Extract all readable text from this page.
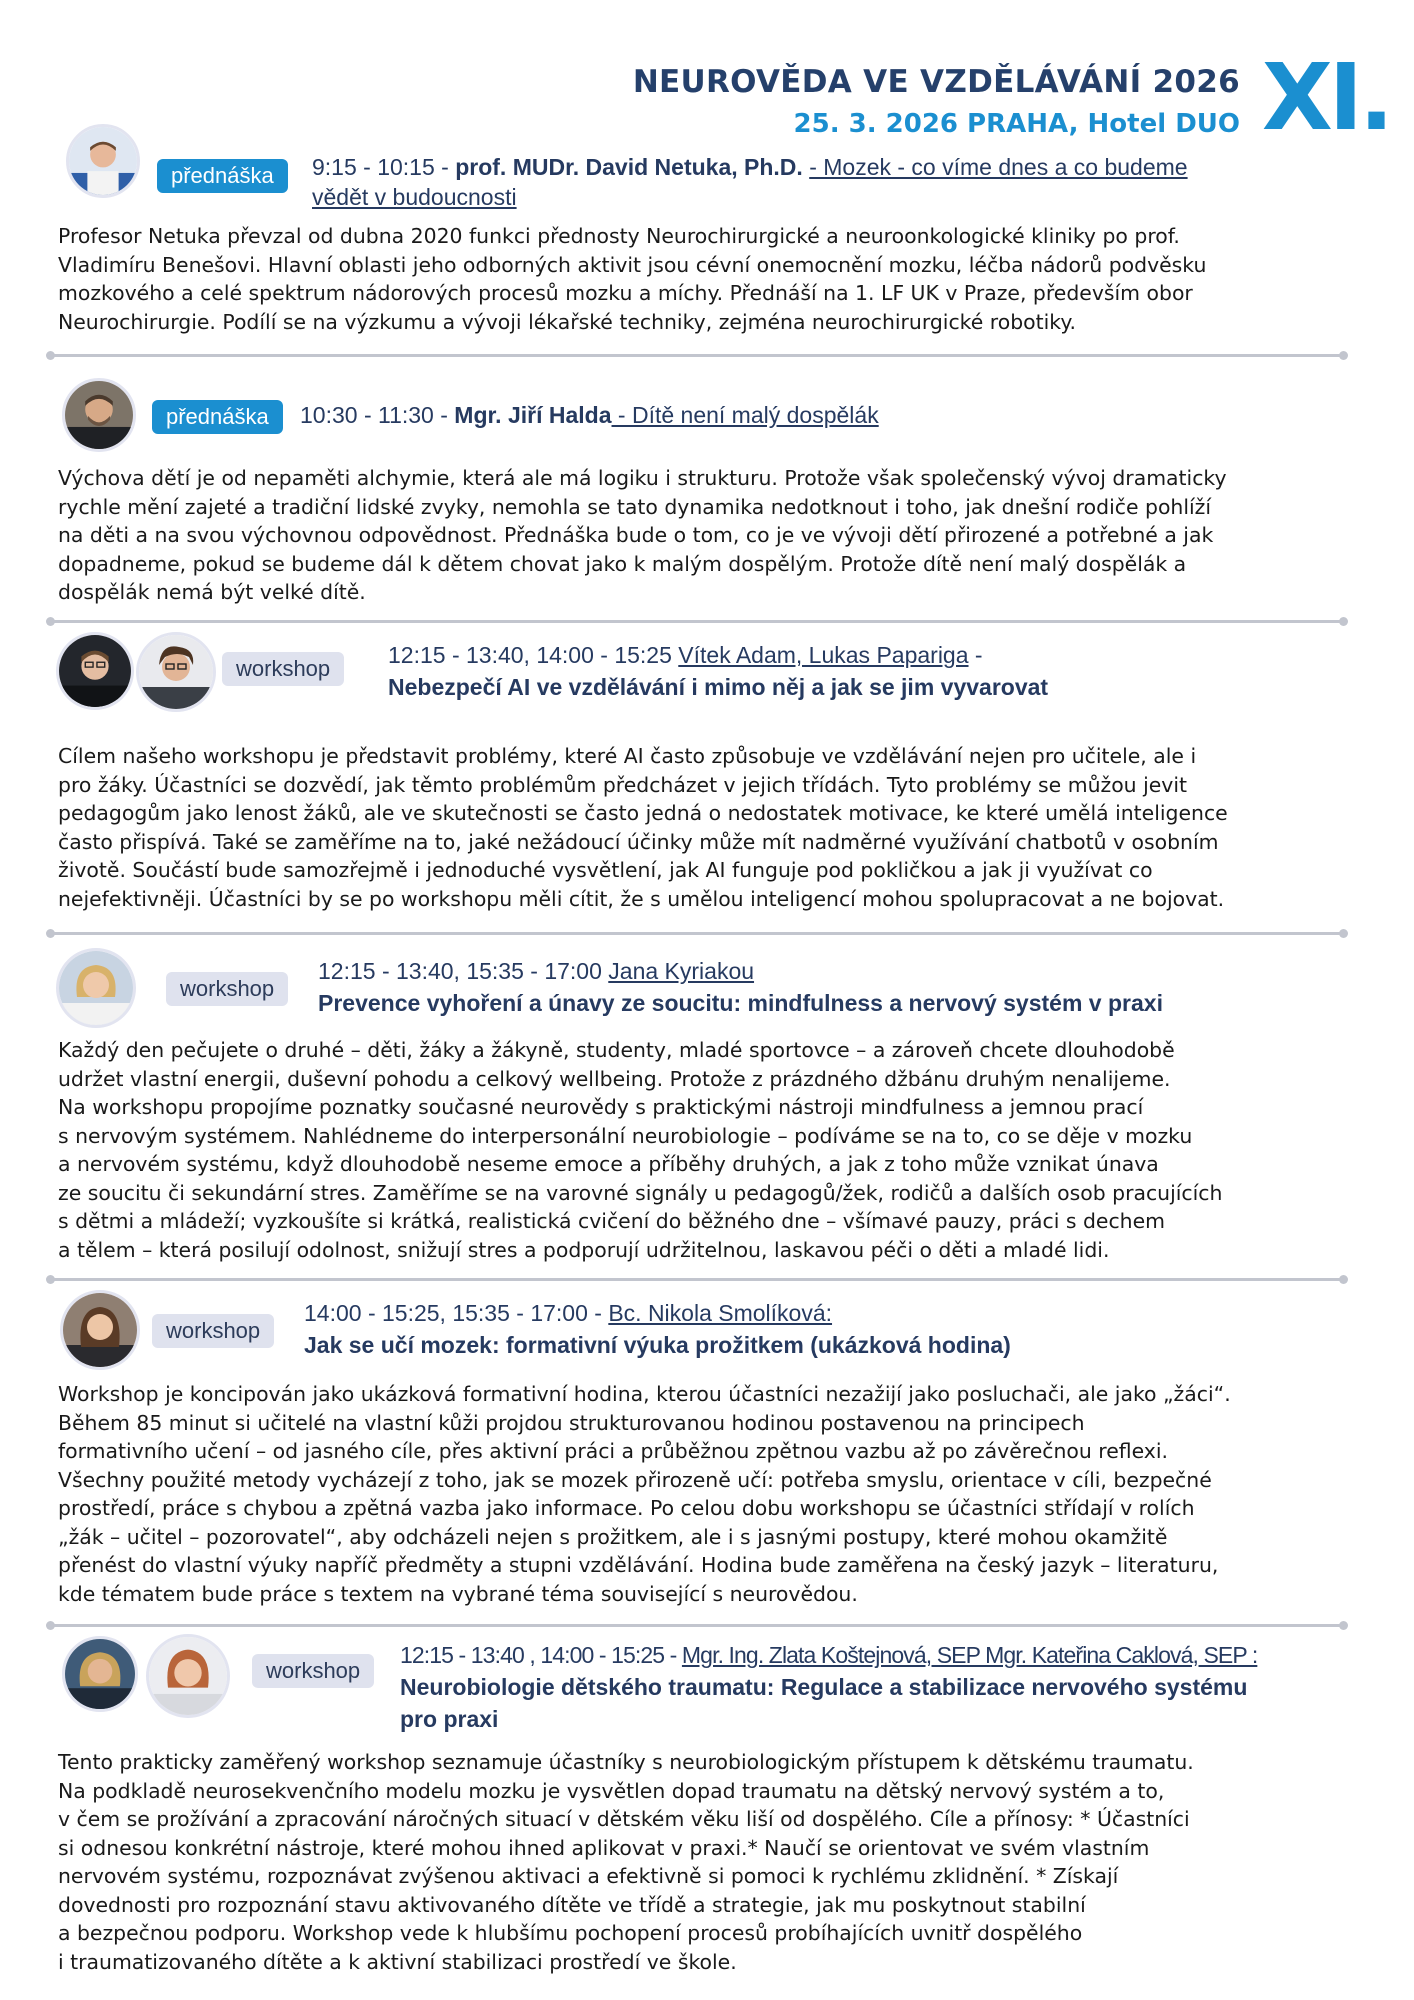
NEUROVĚDA VE VZDĚLÁVÁNÍ 2026
25. 3. 2026 PRAHA, Hotel DUO XI.
přednáška	9:15 - 10:15 - prof. MUDr. David Netuka, Ph.D. - Mozek - co víme dnes a co budeme
vědět v budoucnosti
Profesor Netuka převzal od dubna 2020 funkci přednosty Neurochirurgické a neuroonkologické kliniky po prof.
Vladimíru Benešovi. Hlavní oblasti jeho odborných aktivit jsou cévní onemocnění mozku, léčba nádorů podvěsku
mozkového a celé spektrum nádorových procesů mozku a míchy. Přednáší na 1. LF UK v Praze, především obor
Neurochirurgie. Podílí se na výzkumu a vývoji lékařské techniky, zejména neurochirurgické robotiky.
přednáška	10:30 - 11:30 - Mgr. Jiří Halda - Dítě není malý dospělák
Výchova dětí je od nepaměti alchymie, která ale má logiku i strukturu. Protože však společenský vývoj dramaticky
rychle mění zajeté a tradiční lidské zvyky, nemohla se tato dynamika nedotknout i toho, jak dnešní rodiče pohlíží
na děti a na svou výchovnou odpovědnost. Přednáška bude o tom, co je ve vývoji dětí přirozené a potřebné a jak
dopadneme, pokud se budeme dál k dětem chovat jako k malým dospělým. Protože dítě není malý dospělák a
dospělák nemá být velké dítě.
workshop
12:15 - 13:40, 14:00 - 15:25 Vítek Adam, Lukas Papariga -
Nebezpečí AI ve vzdělávání i mimo něj a jak se jim vyvarovat
Cílem našeho workshopu je představit problémy, které AI často způsobuje ve vzdělávání nejen pro učitele, ale i
pro žáky. Účastníci se dozvědí, jak těmto problémům předcházet v jejich třídách. Tyto problémy se můžou jevit
pedagogům jako lenost žáků, ale ve skutečnosti se často jedná o nedostatek motivace, ke které umělá inteligence
často přispívá. Také se zaměříme na to, jaké nežádoucí účinky může mít nadměrné využívání chatbotů v osobním
životě. Součástí bude samozřejmě i jednoduché vysvětlení, jak AI funguje pod pokličkou a jak ji využívat co
nejefektivněji. Účastníci by se po workshopu měli cítit, že s umělou inteligencí mohou spolupracovat a ne bojovat.
workshop
12:15 - 13:40, 15:35 - 17:00 Jana Kyriakou
Prevence vyhoření a únavy ze soucitu: mindfulness a nervový systém v praxi
Každý den pečujete o druhé – děti, žáky a žákyně, studenty, mladé sportovce – a zároveň chcete dlouhodobě
udržet vlastní energii, duševní pohodu a celkový wellbeing. Protože z prázdného džbánu druhým nenalijeme.
Na workshopu propojíme poznatky současné neurovědy s praktickými nástroji mindfulness a jemnou prací
s nervovým systémem. Nahlédneme do interpersonální neurobiologie – podíváme se na to, co se děje v mozku
a nervovém systému, když dlouhodobě neseme emoce a příběhy druhých, a jak z toho může vznikat únava
ze soucitu či sekundární stres. Zaměříme se na varovné signály u pedagogů/žek, rodičů a dalších osob pracujících
s dětmi a mládeží; vyzkoušíte si krátká, realistická cvičení do běžného dne – všímavé pauzy, práci s dechem
a tělem – která posilují odolnost, snižují stres a podporují udržitelnou, laskavou péči o děti a mladé lidi.
workshop
14:00 - 15:25, 15:35 - 17:00 - Bc. Nikola Smolíková:
Jak se učí mozek: formativní výuka prožitkem (ukázková hodina)
Workshop je koncipován jako ukázková formativní hodina, kterou účastníci nezažijí jako posluchači, ale jako „žáci“.
Během 85 minut si učitelé na vlastní kůži projdou strukturovanou hodinou postavenou na principech
formativního učení – od jasného cíle, přes aktivní práci a průběžnou zpětnou vazbu až po závěrečnou reflexi.
Všechny použité metody vycházejí z toho, jak se mozek přirozeně učí: potřeba smyslu, orientace v cíli, bezpečné
prostředí, práce s chybou a zpětná vazba jako informace. Po celou dobu workshopu se účastníci střídají v rolích
„žák – učitel – pozorovatel“, aby odcházeli nejen s prožitkem, ale i s jasnými postupy, které mohou okamžitě
přenést do vlastní výuky napříč předměty a stupni vzdělávání. Hodina bude zaměřena na český jazyk – literaturu,
kde tématem bude práce s textem na vybrané téma související s neurovědou.
workshop
12:15 - 13:40 , 14:00 - 15:25 - Mgr. Ing. Zlata Koštejnová, SEP Mgr. Kateřina Caklová, SEP :
Neurobiologie dětského traumatu: Regulace a stabilizace nervového systému
pro praxi
Tento prakticky zaměřený workshop seznamuje účastníky s neurobiologickým přístupem k dětskému traumatu.
Na podkladě neurosekvenčního modelu mozku je vysvětlen dopad traumatu na dětský nervový systém a to,
v čem se prožívání a zpracování náročných situací v dětském věku liší od dospělého. Cíle a přínosy: * Účastníci
si odnesou konkrétní nástroje, které mohou ihned aplikovat v praxi.* Naučí se orientovat ve svém vlastním
nervovém systému, rozpoznávat zvýšenou aktivaci a efektivně si pomoci k rychlému zklidnění. * Získají
dovednosti pro rozpoznání stavu aktivovaného dítěte ve třídě a strategie, jak mu poskytnout stabilní
a bezpečnou podporu. Workshop vede k hlubšímu pochopení procesů probíhajících uvnitř dospělého
i traumatizovaného dítěte a k aktivní stabilizaci prostředí ve škole.
